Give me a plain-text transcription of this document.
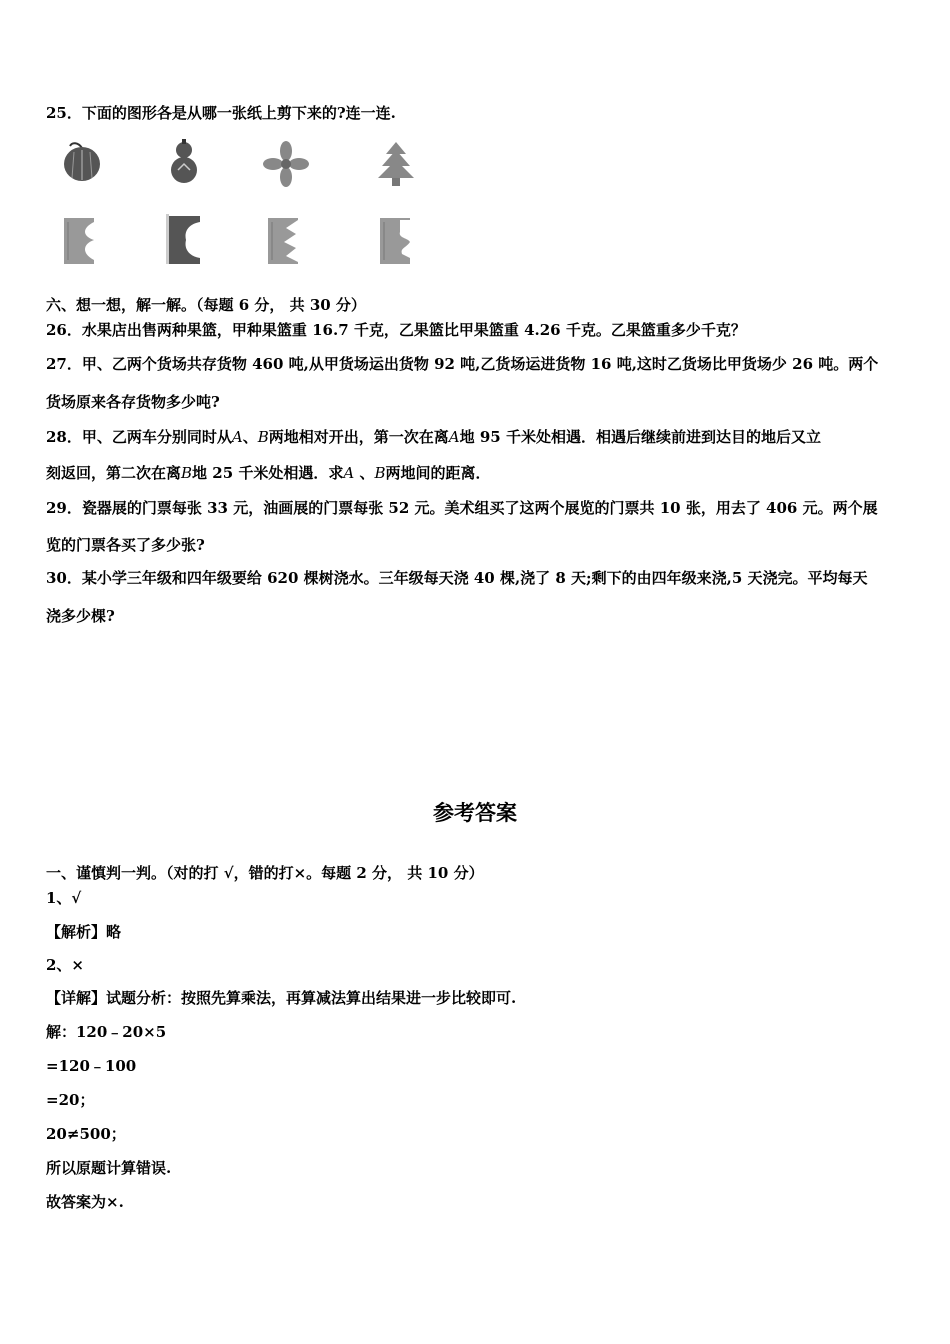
25．下面的图形各是从哪一张纸上剪下来的?连一连.
六、想一想，解一解。（每题 6 分， 共 30 分）
26．水果店出售两种果篮，甲种果篮重 16.7 千克，乙果篮比甲果篮重 4.26 千克。乙果篮重多少千克？
27．甲、乙两个货场共存货物 460 吨,从甲货场运出货物 92 吨,乙货场运进货物 16 吨,这时乙货场比甲货场少 26 吨。两个
货场原来各存货物多少吨?
28．甲、乙两车分别同时从A、B两地相对开出，第一次在离A地 95 千米处相遇．相遇后继续前进到达目的地后又立
刻返回，第二次在离B地 25 千米处相遇．求A 、B两地间的距离．
29．瓷器展的门票每张 33 元，油画展的门票每张 52 元。美术组买了这两个展览的门票共 10 张，用去了 406 元。两个展
览的门票各买了多少张?
30．某小学三年级和四年级要给 620 棵树浇水。三年级每天浇 40 棵,浇了 8 天;剩下的由四年级来浇,5 天浇完。平均每天
浇多少棵?
参考答案
一、谨慎判一判。（对的打 √，错的打×。每题 2 分， 共 10 分）
1、√
【解析】略
2、×
【详解】试题分析：按照先算乘法，再算减法算出结果进一步比较即可.
解：120﹣20×5
=120﹣100
=20；
20≠500；
所以原题计算错误.
故答案为×.
